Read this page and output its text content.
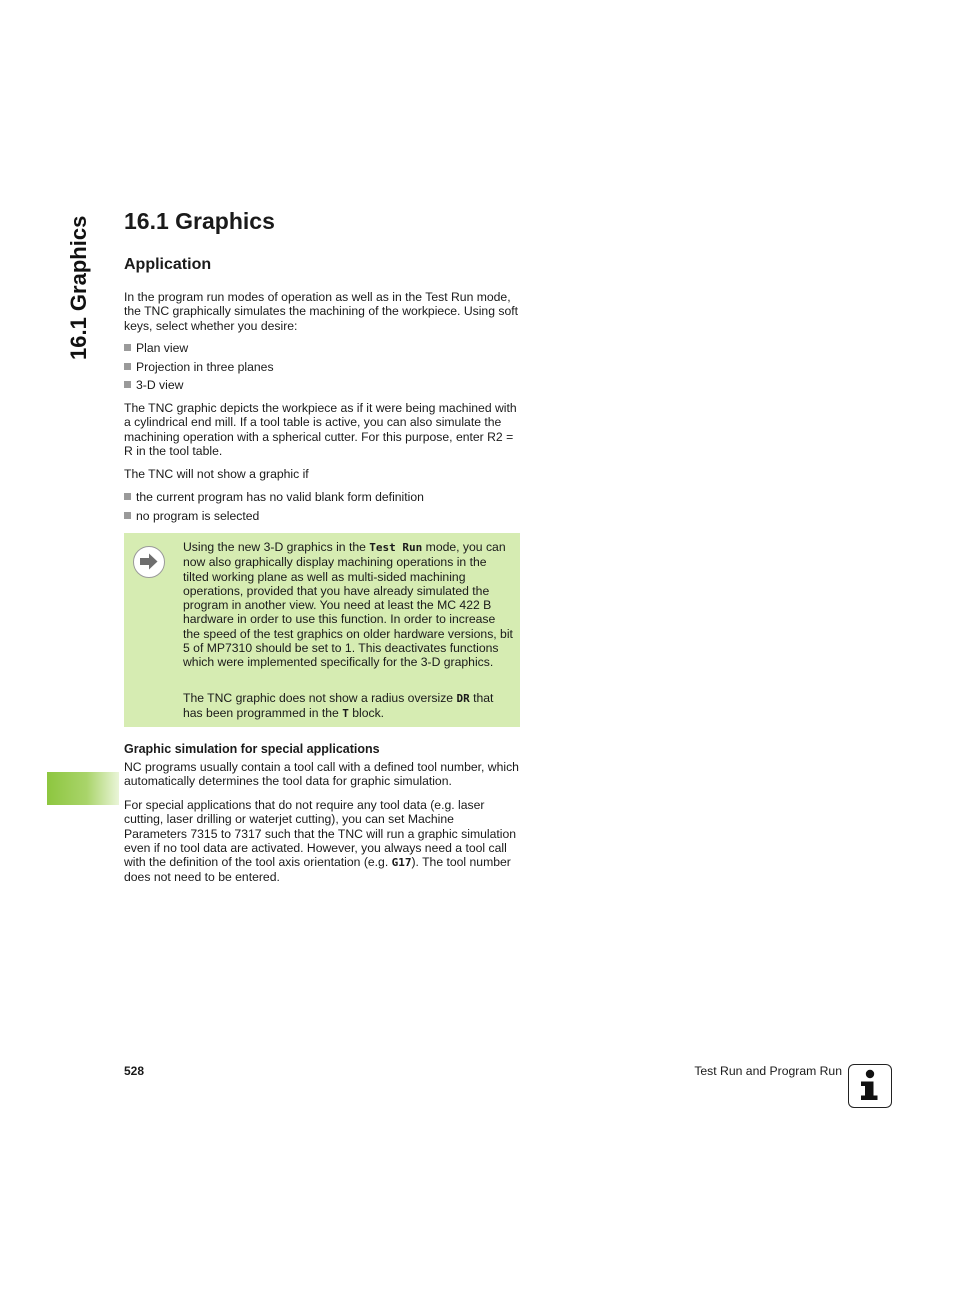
16.1 Graphics 16.1 Graphics
Application

In the program run modes of operation as well as in the Test Run mode, the TNC graphically simulates the machining of the workpiece. Using soft keys, select whether you desire:

Plan view
Projection in three planes
3-D view

The TNC graphic depicts the workpiece as if it were being machined with a cylindrical end mill. If a tool table is active, you can also simulate the machining operation with a spherical cutter. For this purpose, enter R2 = R in the tool table.

The TNC will not show a graphic if

the current program has no valid blank form definition
no program is selected

Using the new 3-D graphics in the Test Run mode, you can now also graphically display machining operations in the tilted working plane as well as multi-sided machining operations, provided that you have already simulated the program in another view. You need at least the MC 422 B hardware in order to use this function. In order to increase the speed of the test graphics on older hardware versions, bit 5 of MP7310 should be set to 1. This deactivates functions which were implemented specifically for the 3-D graphics.

The TNC graphic does not show a radius oversize DR that has been programmed in the T block.

Graphic simulation for special applications

NC programs usually contain a tool call with a defined tool number, which automatically determines the tool data for graphic simulation.

For special applications that do not require any tool data (e.g. laser cutting, laser drilling or waterjet cutting), you can set Machine Parameters 7315 to 7317 such that the TNC will run a graphic simulation even if no tool data are activated. However, you always need a tool call with the definition of the tool axis orientation (e.g. G17). The tool number does not need to be entered.

528	Test Run and Program Run
